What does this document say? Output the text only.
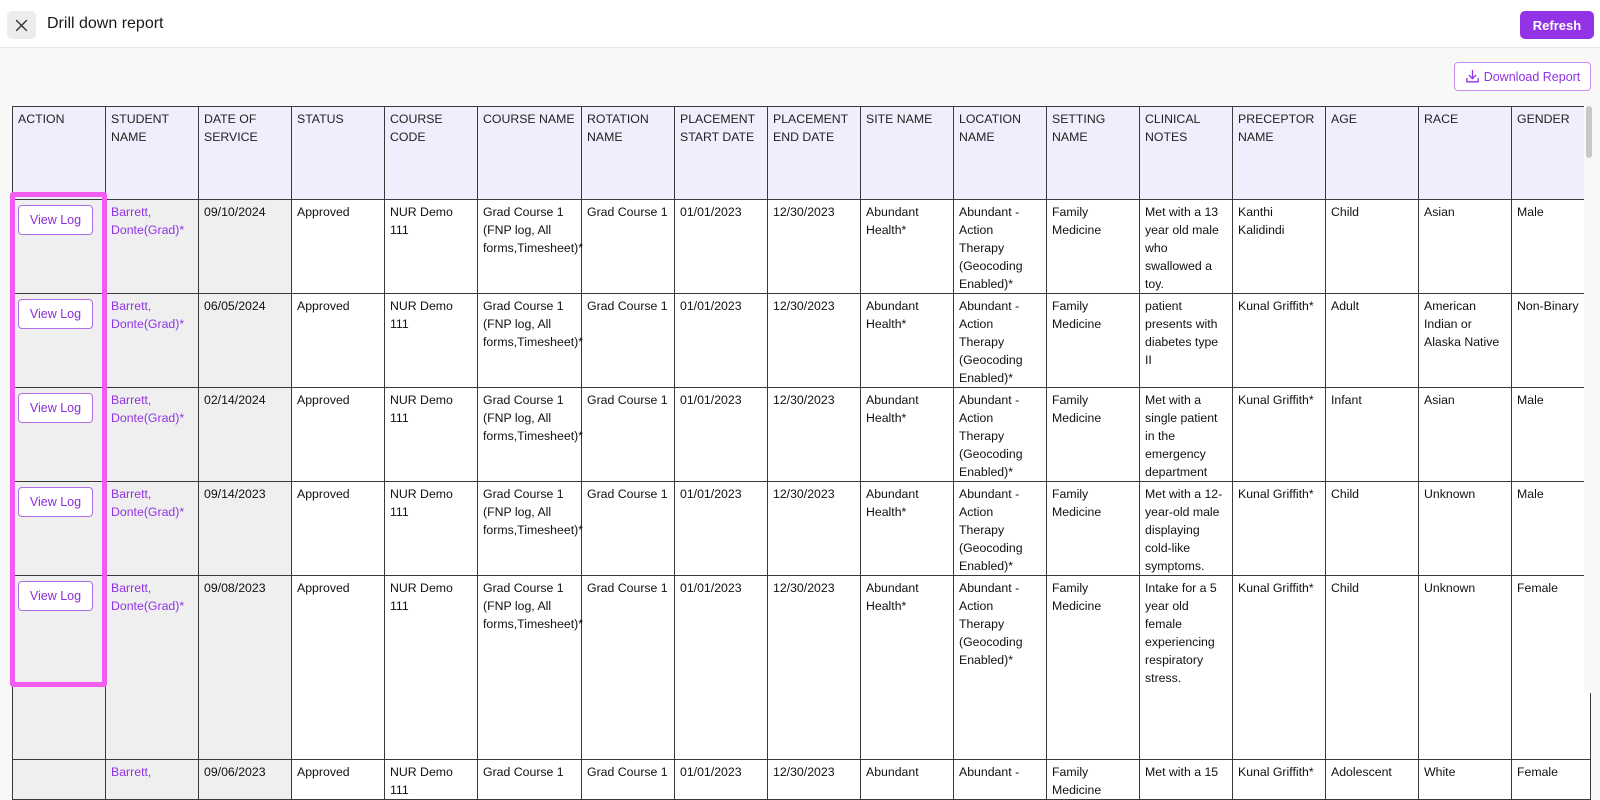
Drill down report	Refresh
Download Report
ACTION	STUDENT NAME	DATE OF SERVICE	STATUS	COURSE CODE	COURSE NAME	ROTATION NAME	PLACEMENT START DATE	PLACEMENT END DATE	SITE NAME	LOCATION NAME	SETTING NAME	CLINICAL NOTES	PRECEPTOR NAME	AGE	RACE	GENDER
View Log	Barrett, Donte(Grad)*	09/10/2024	Approved	NUR Demo 111	Grad Course 1 (FNP log, All forms,Timesheet)*	Grad Course 1	01/01/2023	12/30/2023	Abundant Health*	Abundant - Action Therapy (Geocoding Enabled)*	Family Medicine	Met with a 13 year old male who swallowed a toy.	Kanthi Kalidindi	Child	Asian	Male
View Log	Barrett, Donte(Grad)*	06/05/2024	Approved	NUR Demo 111	Grad Course 1 (FNP log, All forms,Timesheet)*	Grad Course 1	01/01/2023	12/30/2023	Abundant Health*	Abundant - Action Therapy (Geocoding Enabled)*	Family Medicine	patient presents with diabetes type II	Kunal Griffith*	Adult	American Indian or Alaska Native	Non-Binary
View Log	Barrett, Donte(Grad)*	02/14/2024	Approved	NUR Demo 111	Grad Course 1 (FNP log, All forms,Timesheet)*	Grad Course 1	01/01/2023	12/30/2023	Abundant Health*	Abundant - Action Therapy (Geocoding Enabled)*	Family Medicine	Met with a single patient in the emergency department	Kunal Griffith*	Infant	Asian	Male
View Log	Barrett, Donte(Grad)*	09/14/2023	Approved	NUR Demo 111	Grad Course 1 (FNP log, All forms,Timesheet)*	Grad Course 1	01/01/2023	12/30/2023	Abundant Health*	Abundant - Action Therapy (Geocoding Enabled)*	Family Medicine	Met with a 12-year-old male displaying cold-like symptoms.	Kunal Griffith*	Child	Unknown	Male
View Log	Barrett, Donte(Grad)*	09/08/2023	Approved	NUR Demo 111	Grad Course 1 (FNP log, All forms,Timesheet)*	Grad Course 1	01/01/2023	12/30/2023	Abundant Health*	Abundant - Action Therapy (Geocoding Enabled)*	Family Medicine	Intake for a 5 year old female experiencing respiratory stress.	Kunal Griffith*	Child	Unknown	Female
	Barrett,	09/06/2023	Approved	NUR Demo 111	Grad Course 1	Grad Course 1	01/01/2023	12/30/2023	Abundant	Abundant -	Family Medicine	Met with a 15	Kunal Griffith*	Adolescent	White	Female
